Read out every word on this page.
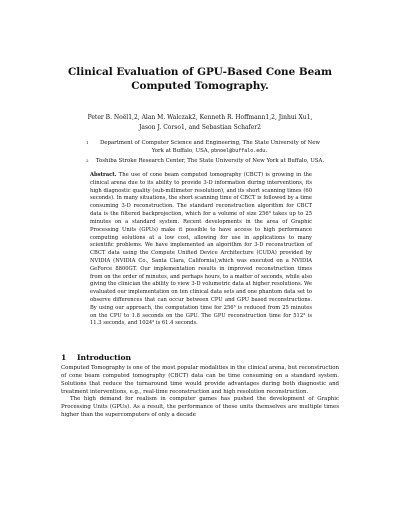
Clinical Evaluation of GPU-Based Cone Beam Computed Tomography.
Peter B. Noël1,2, Alan M. Walczak2, Kenneth R. Hoffmann1,2, Jinhui Xu1,
Jason J. Corso1, and Sebastian Schafer2
1 Department of Computer Science and Engineering, The State University of New York at Buffalo, USA, pbnoel@buffalo.edu.
2 Toshiba Stroke Research Center, The State University of New York at Buffalo, USA.
Abstract. The use of cone beam computed tomography (CBCT) is growing in the clinical arena due to its ability to provide 3-D information during interventions, its high diagnostic quality (sub-millimeter resolution), and its short scanning times (60 seconds). In many situations, the short scanning time of CBCT is followed by a time consuming 3-D reconstruction. The standard reconstruction algorithm for CBCT data is the filtered backprojection, which for a volume of size 256³ takes up to 25 minutes on a standard system. Recent developments in the area of Graphic Processing Units (GPUs) make it possible to have access to high performance computing solutions at a low cost, allowing for use in applications to many scientific problems. We have implemented an algorithm for 3-D reconstruction of CBCT data using the Compute Unified Device Architecture (CUDA) provided by NVIDIA (NVIDIA Co., Santa Clara, California),which was executed on a NVIDIA GeForce 8800GT. Our implementation results in improved reconstruction times from on the order of minutes, and perhaps hours, to a matter of seconds, while also giving the clinician the ability to view 3-D volumetric data at higher resolutions. We evaluated our implementation on ten clinical data sets and one phantom data set to observe differences that can occur between CPU and GPU based reconstructions. By using our approach, the computation time for 256³ is reduced from 25 minutes on the CPU to 1.8 seconds on the GPU. The GPU reconstruction time for 512³ is 11.3 seconds, and 1024³ is 61.4 seconds.
1 Introduction

Computed Tomography is one of the most popular modalities in the clinical arena, but reconstruction of cone beam computed tomography (CBCT) data can be time consuming on a standard system. Solutions that reduce the turnaround time would provide advantages during both diagnostic and treatment interventions, e.g., real-time reconstruction and high resolution reconstruction.

The high demand for realism in computer games has pushed the development of Graphic Processing Units (GPUs). As a result, the performance of these units themselves are multiple times higher than the supercomputers of only a decade
